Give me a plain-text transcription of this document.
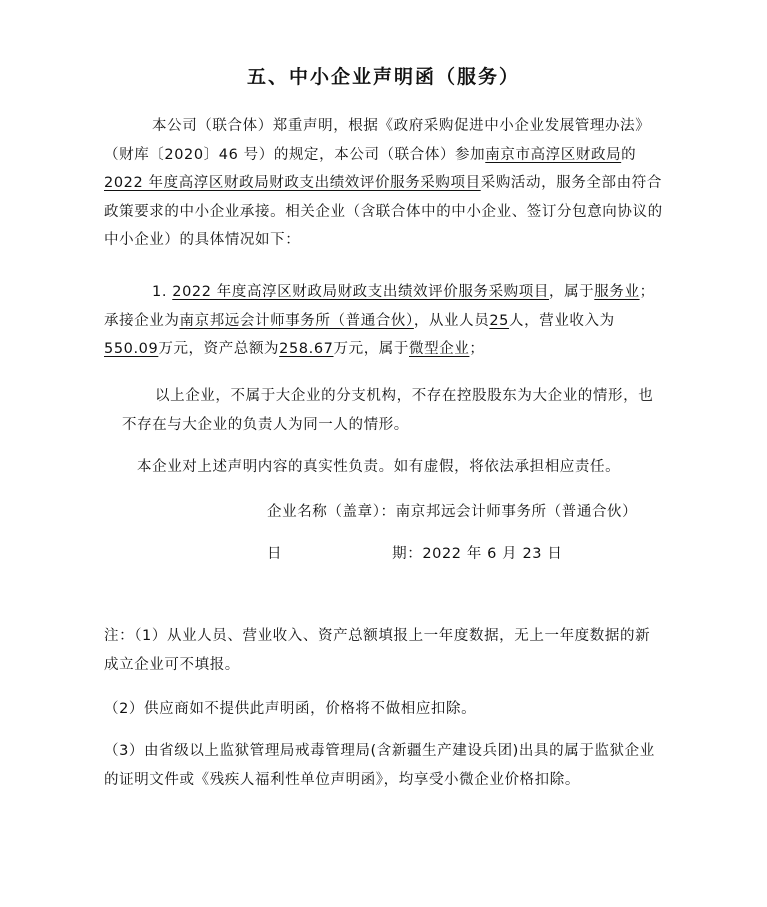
五、中小企业声明函（服务）

本公司（联合体）郑重声明，根据《政府采购促进中小企业发展管理办法》（财库〔2020〕46 号）的规定，本公司（联合体）参加南京市高淳区财政局的2022 年度高淳区财政局财政支出绩效评价服务采购项目采购活动，服务全部由符合政策要求的中小企业承接。相关企业（含联合体中的中小企业、签订分包意向协议的中小企业）的具体情况如下：

1. 2022 年度高淳区财政局财政支出绩效评价服务采购项目，属于服务业；承接企业为南京邦远会计师事务所（普通合伙），从业人员25人，营业收入为550.09万元，资产总额为258.67万元，属于微型企业；

以上企业，不属于大企业的分支机构，不存在控股股东为大企业的情形，也不存在与大企业的负责人为同一人的情形。

本企业对上述声明内容的真实性负责。如有虚假，将依法承担相应责任。

企业名称（盖章）：南京邦远会计师事务所（普通合伙）
日	期：2022 年 6 月 23 日

注：（1）从业人员、营业收入、资产总额填报上一年度数据，无上一年度数据的新成立企业可不填报。

（2）供应商如不提供此声明函，价格将不做相应扣除。

（3）由省级以上监狱管理局戒毒管理局(含新疆生产建设兵团)出具的属于监狱企业的证明文件或《残疾人福利性单位声明函》，均享受小微企业价格扣除。
